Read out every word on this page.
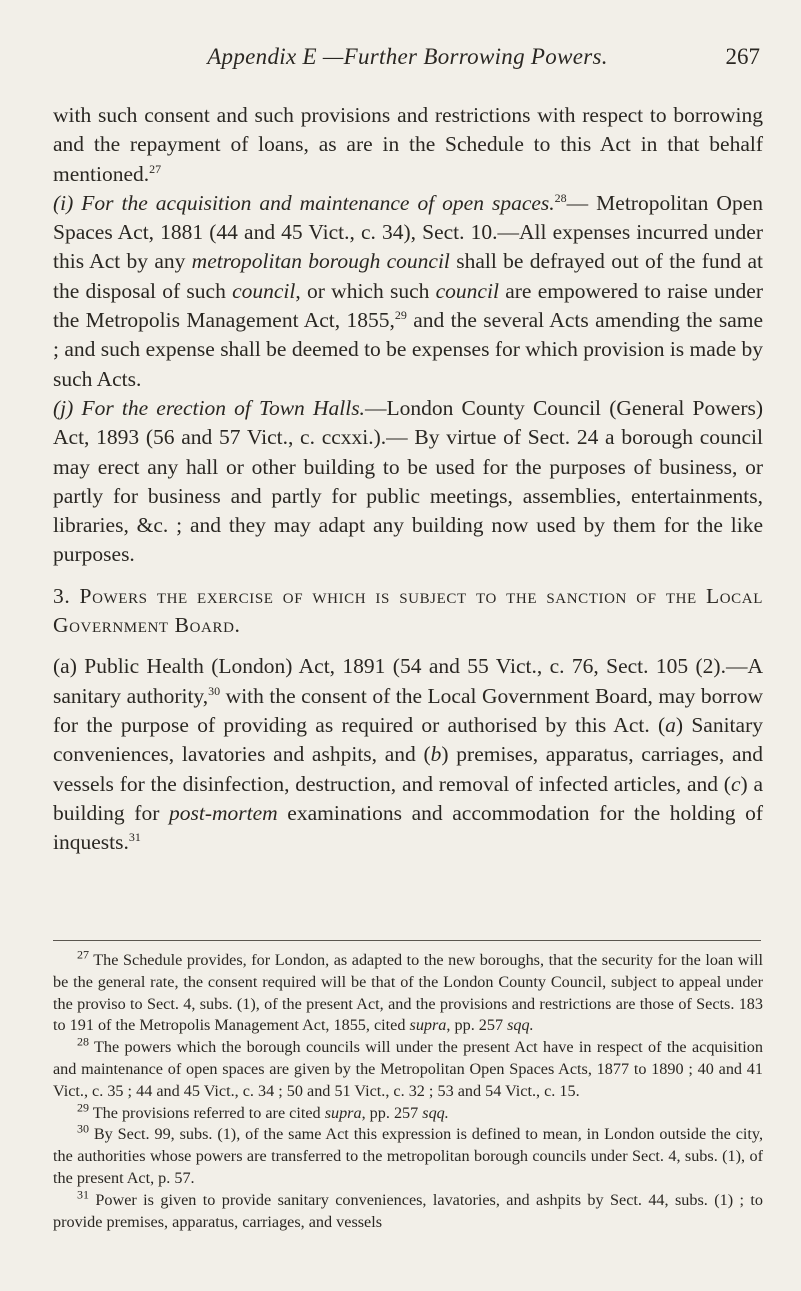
Appendix E —Further Borrowing Powers.	267

with such consent and such provisions and restrictions with respect to borrowing and the repayment of loans, as are in the Schedule to this Act in that behalf mentioned.$^{27}$

(i) For the acquisition and maintenance of open spaces.$^{28}$— Metropolitan Open Spaces Act, 1881 (44 and 45 Vict., c. 34), Sect. 10.—All expenses incurred under this Act by any metropolitan borough council shall be defrayed out of the fund at the disposal of such council, or which such council are empowered to raise under the Metropolis Management Act, 1855,29 and the several Acts amending the same ; and such expense shall be deemed to be expenses for which provision is made by such Acts.

(j) For the erection of Town Halls.—London County Council (General Powers) Act, 1893 (56 and 57 Vict., c. ccxxi.).— By virtue of Sect. 24 a borough council may erect any hall or other building to be used for the purposes of business, or partly for business and partly for public meetings, assemblies, entertainments, libraries, &c. ; and they may adapt any building now used by them for the like purposes.

3. Powers the exercise of which is subject to the sanction of the Local Government Board.

(a) Public Health (London) Act, 1891 (54 and 55 Vict., c. 76, Sect. 105 (2).—A sanitary authority,$^{30}$ with the consent of the Local Government Board, may borrow for the purpose of providing as required or authorised by this Act. (a) Sanitary conveniences, lavatories and ashpits, and (b) premises, apparatus, carriages, and vessels for the disinfection, destruction, and removal of infected articles, and (c) a building for post-mortem examinations and accommodation for the holding of inquests.$^{31}$

$^{27}$ The Schedule provides, for London, as adapted to the new boroughs, that the security for the loan will be the general rate, the consent required will be that of the London County Council, subject to appeal under the proviso to Sect. 4, subs. (1), of the present Act, and the provisions and restrictions are those of Sects. 183 to 191 of the Metropolis Management Act, 1855, cited supra, pp. 257 sqq.

$^{28}$ The powers which the borough councils will under the present Act have in respect of the acquisition and maintenance of open spaces are given by the Metropolitan Open Spaces Acts, 1877 to 1890 ; 40 and 41 Vict., c. 35 ; 44 and 45 Vict., c. 34 ; 50 and 51 Vict., c. 32 ; 53 and 54 Vict., c. 15.

$^{29}$ The provisions referred to are cited supra, pp. 257 sqq.

$^{30}$ By Sect. 99, subs. (1), of the same Act this expression is defined to mean, in London outside the city, the authorities whose powers are transferred to the metropolitan borough councils under Sect. 4, subs. (1), of the present Act, p. 57.

$^{31}$ Power is given to provide sanitary conveniences, lavatories, and ashpits by Sect. 44, subs. (1) ; to provide premises, apparatus, carriages, and vessels
